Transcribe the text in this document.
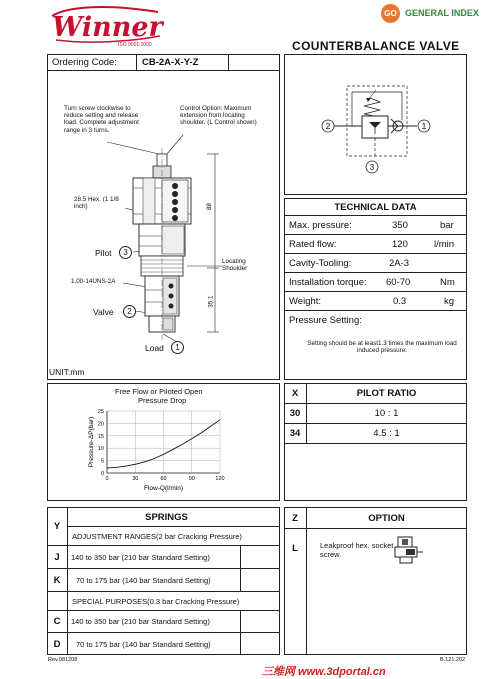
Winner
ISO 9001:2000
GO GENERAL INDEX
COUNTERBALANCE VALVE
Ordering Code:	CB-2A-X-Y-Z
Turn screw clockwise to reduce setting and release load. Complete adjustment range in 3 turns.
Control Option: Maximum extension from locating shoulder. (L Control shown)
28.5 Hex. (1 1/8 inch)
1.00-14UNS-2A
Locating Shoulder
Pilot
Valve
Load
3
2
1
88
35.1
UNIT:mm
2	1
3
TECHNICAL DATA
Max. pressure:	350	bar
Rated flow:	120	l/min
Cavity-Tooling:	2A-3
Installation torque: 60-70	Nm
Weight:	0.3	kg
Pressure Setting:
Setting should be at least1.3 times the maximum load induced pressure.
Free Flow or Piloted Open
Pressure Drop
0	30	60	90	120
0
5
10
15
20
25
Flow-Q(l/min)
Pressure-ΔP(bar)
X	PILOT RATIO
30	10 : 1
34	4.5 : 1
Y
SPRINGS
ADJUSTMENT RANGES(2 bar Cracking Pressure)
J	140 to 350 bar (210 bar Standard Setting)
K	70 to 175 bar (140 bar Standard Setting)
SPECIAL PURPOSES(0.3 bar Cracking Pressure)
C	140 to 350 bar (210 bar Standard Setting)
D	70 to 175 bar (140 bar Standard Setting)
Z	OPTION
L	Leakproof hex. socket screw.
Rev.081208	B.121.202
三维网 www.3dportal.cn
